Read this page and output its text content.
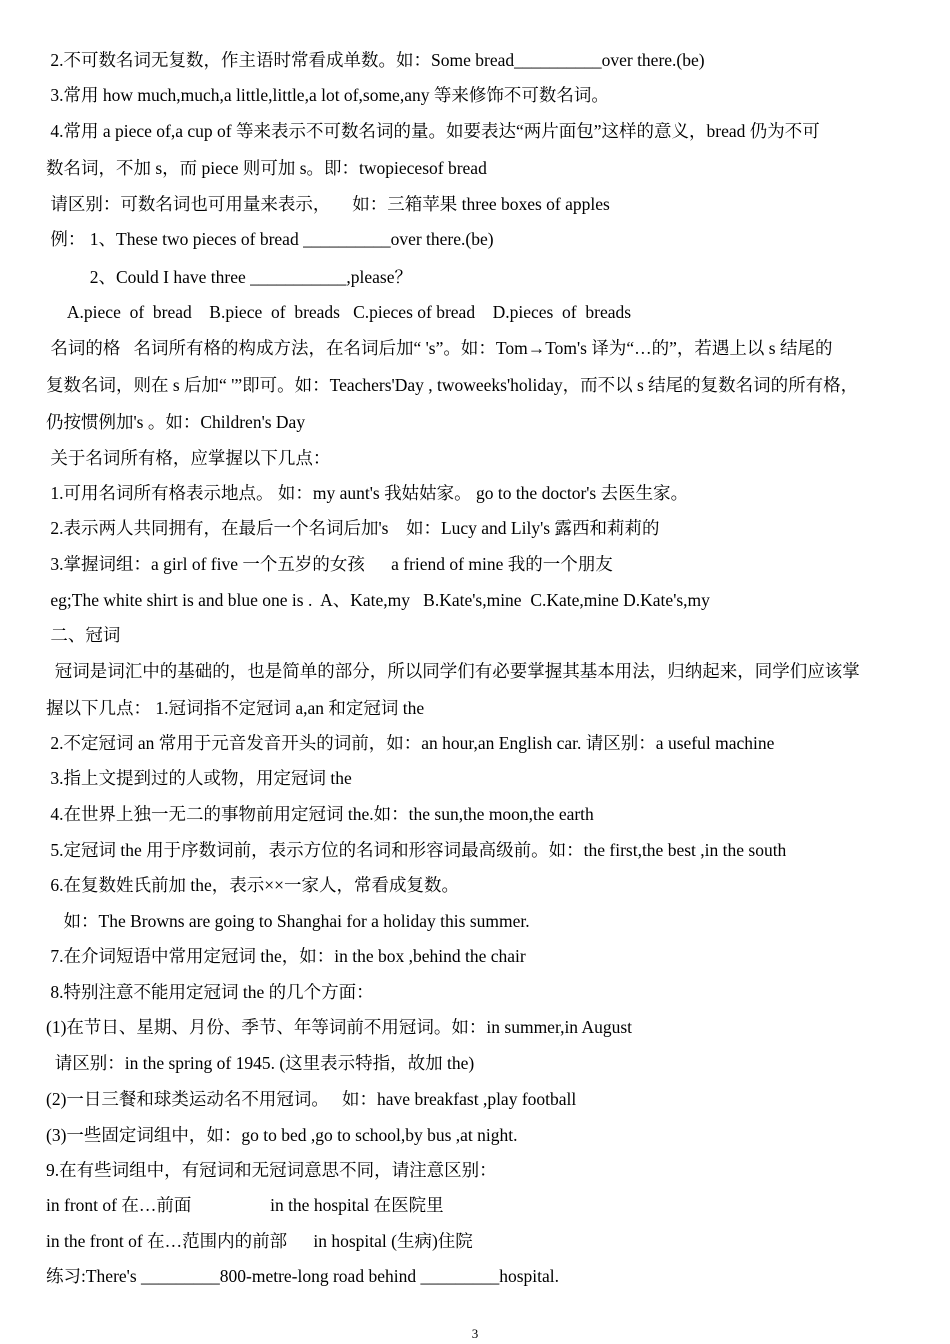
2.不可数名词无复数，作主语时常看成单数。如：Some bread__________over there.(be)
3.常用 how much,much,a little,little,a lot of,some,any 等来修饰不可数名词。
4.常用 a piece of,a cup of 等来表示不可数名词的量。如要表达“两片面包”这样的意义，bread 仍为不可
数名词，不加 s，而 piece 则可加 s。即：twopiecesof bread
请区别：可数名词也可用量来表示，     如：三箱苹果 three boxes of apples
例： 1、These two pieces of bread __________over there.(be)
2、Could I have three ___________,please？
A.piece  of  bread    B.piece  of  breads   C.pieces of bread    D.pieces  of  breads
名词的格   名词所有格的构成方法，在名词后加“ 's”。如：Tom→Tom's 译为“…的”，若遇上以 s 结尾的
复数名词，则在 s 后加“ '”即可。如：Teachers'Day , twoweeks'holiday，而不以 s 结尾的复数名词的所有格，
仍按惯例加's 。如：Children's Day
关于名词所有格，应掌握以下几点：
1.可用名词所有格表示地点。 如：my aunt's 我姑姑家。 go to the doctor's 去医生家。
2.表示两人共同拥有，在最后一个名词后加's    如：Lucy and Lily's 露西和莉莉的
3.掌握词组：a girl of five 一个五岁的女孩      a friend of mine 我的一个朋友
eg;The white shirt is and blue one is .  A、Kate,my   B.Kate's,mine  C.Kate,mine D.Kate's,my
二、冠词
冠词是词汇中的基础的，也是简单的部分，所以同学们有必要掌握其基本用法，归纳起来，同学们应该掌
握以下几点： 1.冠词指不定冠词 a,an 和定冠词 the
2.不定冠词 an 常用于元音发音开头的词前，如：an hour,an English car. 请区别：a useful machine
3.指上文提到过的人或物，用定冠词 the
4.在世界上独一无二的事物前用定冠词 the.如：the sun,the moon,the earth
5.定冠词 the 用于序数词前，表示方位的名词和形容词最高级前。如：the first,the best ,in the south
6.在复数姓氏前加 the，表示××一家人，常看成复数。
如：The Browns are going to Shanghai for a holiday this summer.
7.在介词短语中常用定冠词 the，如：in the box ,behind the chair
8.特别注意不能用定冠词 the 的几个方面：
(1)在节日、星期、月份、季节、年等词前不用冠词。如：in summer,in August
请区别：in the spring of 1945. (这里表示特指，故加 the)
(2)一日三餐和球类运动名不用冠词。   如：have breakfast ,play football
(3)一些固定词组中，如：go to bed ,go to school,by bus ,at night.
9.在有些词组中，有冠词和无冠词意思不同，请注意区别：
in front of 在…前面                  in the hospital 在医院里
in the front of 在…范围内的前部      in hospital (生病)住院
练习:There's _________800-metre-long road behind _________hospital.
3
